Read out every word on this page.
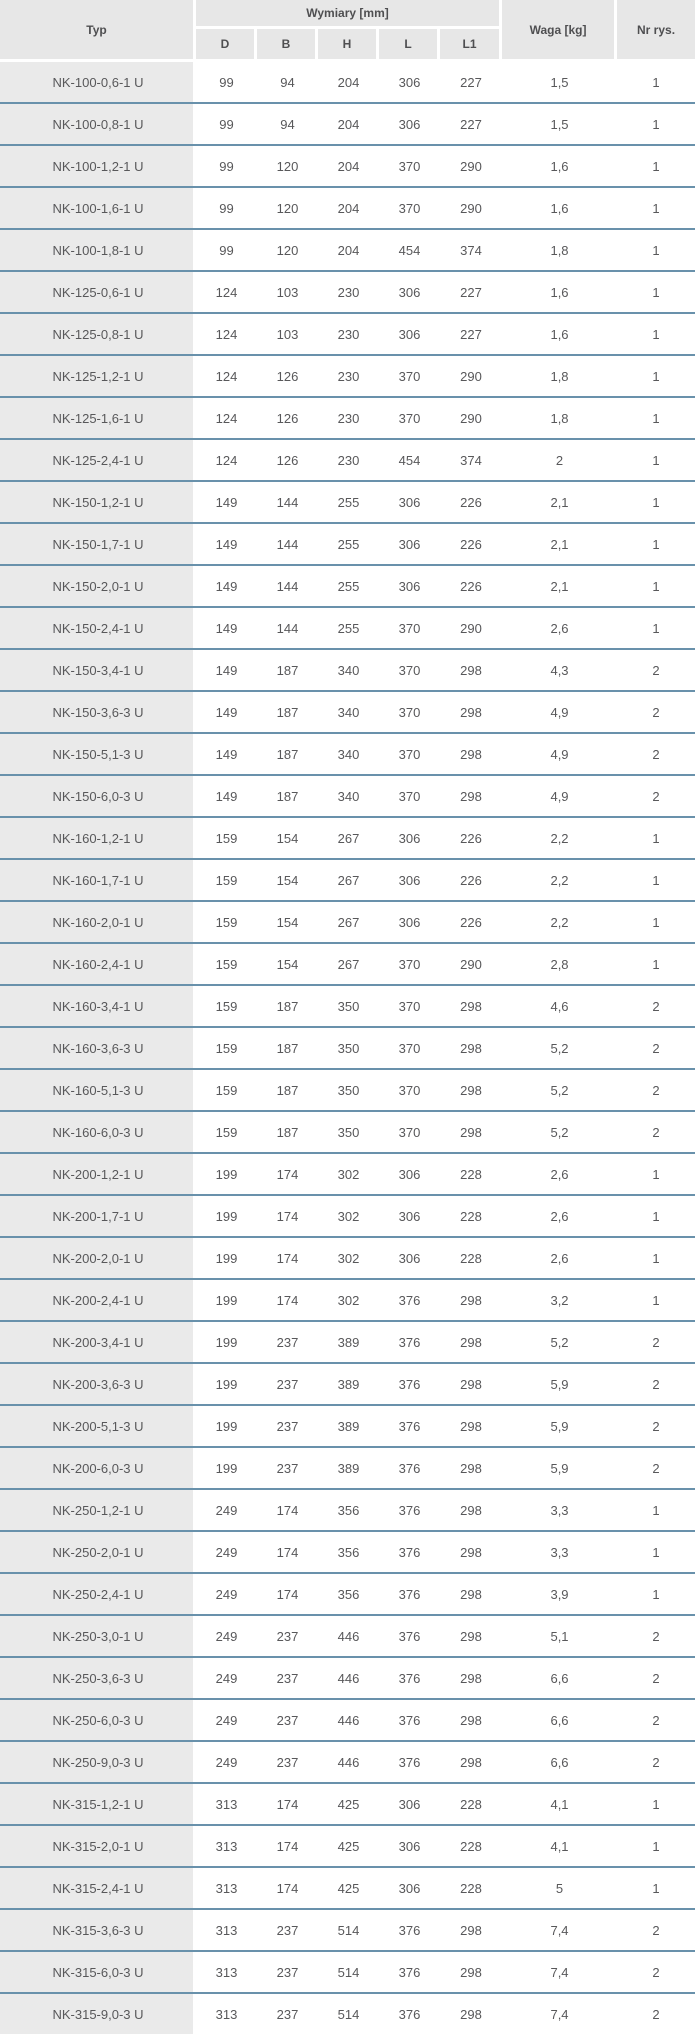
Typ	Wymiary [mm]					Waga [kg]	Nr rys.
	D	B	H	L	L1		
NK-100-0,6-1 U	99	94	204	306	227	1,5	1
NK-100-0,8-1 U	99	94	204	306	227	1,5	1
NK-100-1,2-1 U	99	120	204	370	290	1,6	1
NK-100-1,6-1 U	99	120	204	370	290	1,6	1
NK-100-1,8-1 U	99	120	204	454	374	1,8	1
NK-125-0,6-1 U	124	103	230	306	227	1,6	1
NK-125-0,8-1 U	124	103	230	306	227	1,6	1
NK-125-1,2-1 U	124	126	230	370	290	1,8	1
NK-125-1,6-1 U	124	126	230	370	290	1,8	1
NK-125-2,4-1 U	124	126	230	454	374	2	1
NK-150-1,2-1 U	149	144	255	306	226	2,1	1
NK-150-1,7-1 U	149	144	255	306	226	2,1	1
NK-150-2,0-1 U	149	144	255	306	226	2,1	1
NK-150-2,4-1 U	149	144	255	370	290	2,6	1
NK-150-3,4-1 U	149	187	340	370	298	4,3	2
NK-150-3,6-3 U	149	187	340	370	298	4,9	2
NK-150-5,1-3 U	149	187	340	370	298	4,9	2
NK-150-6,0-3 U	149	187	340	370	298	4,9	2
NK-160-1,2-1 U	159	154	267	306	226	2,2	1
NK-160-1,7-1 U	159	154	267	306	226	2,2	1
NK-160-2,0-1 U	159	154	267	306	226	2,2	1
NK-160-2,4-1 U	159	154	267	370	290	2,8	1
NK-160-3,4-1 U	159	187	350	370	298	4,6	2
NK-160-3,6-3 U	159	187	350	370	298	5,2	2
NK-160-5,1-3 U	159	187	350	370	298	5,2	2
NK-160-6,0-3 U	159	187	350	370	298	5,2	2
NK-200-1,2-1 U	199	174	302	306	228	2,6	1
NK-200-1,7-1 U	199	174	302	306	228	2,6	1
NK-200-2,0-1 U	199	174	302	306	228	2,6	1
NK-200-2,4-1 U	199	174	302	376	298	3,2	1
NK-200-3,4-1 U	199	237	389	376	298	5,2	2
NK-200-3,6-3 U	199	237	389	376	298	5,9	2
NK-200-5,1-3 U	199	237	389	376	298	5,9	2
NK-200-6,0-3 U	199	237	389	376	298	5,9	2
NK-250-1,2-1 U	249	174	356	376	298	3,3	1
NK-250-2,0-1 U	249	174	356	376	298	3,3	1
NK-250-2,4-1 U	249	174	356	376	298	3,9	1
NK-250-3,0-1 U	249	237	446	376	298	5,1	2
NK-250-3,6-3 U	249	237	446	376	298	6,6	2
NK-250-6,0-3 U	249	237	446	376	298	6,6	2
NK-250-9,0-3 U	249	237	446	376	298	6,6	2
NK-315-1,2-1 U	313	174	425	306	228	4,1	1
NK-315-2,0-1 U	313	174	425	306	228	4,1	1
NK-315-2,4-1 U	313	174	425	306	228	5	1
NK-315-3,6-3 U	313	237	514	376	298	7,4	2
NK-315-6,0-3 U	313	237	514	376	298	7,4	2
NK-315-9,0-3 U	313	237	514	376	298	7,4	2
